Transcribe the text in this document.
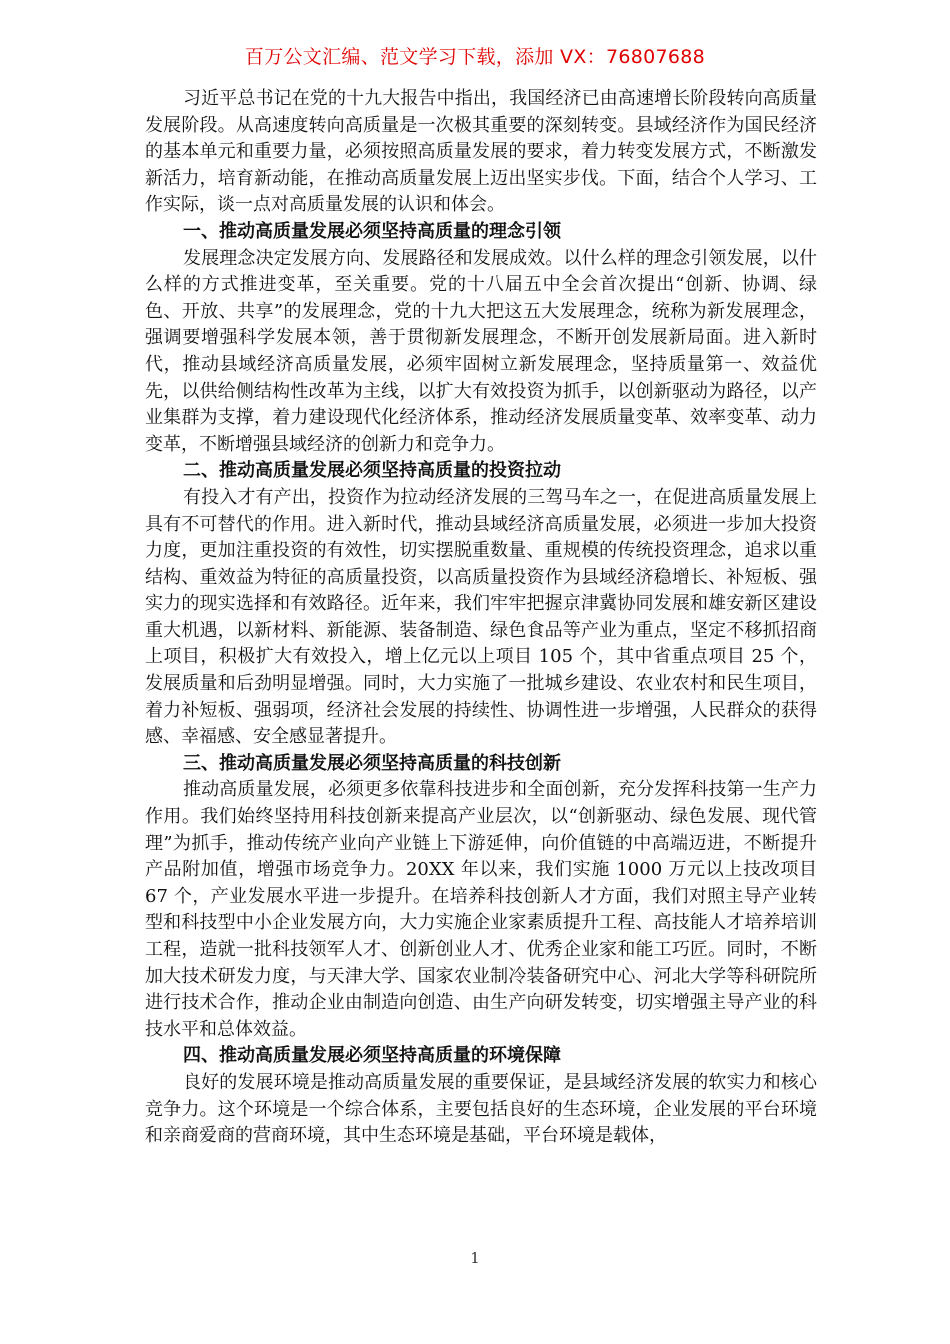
百万公文汇编、范文学习下载，添加 VX：76807688

习近平总书记在党的十九大报告中指出，我国经济已由高速增长阶段转向高质量发展阶段。从高速度转向高质量是一次极其重要的深刻转变。县域经济作为国民经济的基本单元和重要力量，必须按照高质量发展的要求，着力转变发展方式，不断激发新活力，培育新动能，在推动高质量发展上迈出坚实步伐。下面，结合个人学习、工作实际，谈一点对高质量发展的认识和体会。

一、推动高质量发展必须坚持高质量的理念引领

发展理念决定发展方向、发展路径和发展成效。以什么样的理念引领发展，以什么样的方式推进变革，至关重要。党的十八届五中全会首次提出“创新、协调、绿色、开放、共享”的发展理念，党的十九大把这五大发展理念，统称为新发展理念，强调要增强科学发展本领，善于贯彻新发展理念，不断开创发展新局面。进入新时代，推动县域经济高质量发展，必须牢固树立新发展理念，坚持质量第一、效益优先，以供给侧结构性改革为主线，以扩大有效投资为抓手，以创新驱动为路径，以产业集群为支撑，着力建设现代化经济体系，推动经济发展质量变革、效率变革、动力变革，不断增强县域经济的创新力和竞争力。

二、推动高质量发展必须坚持高质量的投资拉动

有投入才有产出，投资作为拉动经济发展的三驾马车之一，在促进高质量发展上具有不可替代的作用。进入新时代，推动县域经济高质量发展，必须进一步加大投资力度，更加注重投资的有效性，切实摆脱重数量、重规模的传统投资理念，追求以重结构、重效益为特征的高质量投资，以高质量投资作为县域经济稳增长、补短板、强实力的现实选择和有效路径。近年来，我们牢牢把握京津冀协同发展和雄安新区建设重大机遇，以新材料、新能源、装备制造、绿色食品等产业为重点，坚定不移抓招商上项目，积极扩大有效投入，增上亿元以上项目 105 个，其中省重点项目 25 个，发展质量和后劲明显增强。同时，大力实施了一批城乡建设、农业农村和民生项目，着力补短板、强弱项，经济社会发展的持续性、协调性进一步增强，人民群众的获得感、幸福感、安全感显著提升。

三、推动高质量发展必须坚持高质量的科技创新

推动高质量发展，必须更多依靠科技进步和全面创新，充分发挥科技第一生产力作用。我们始终坚持用科技创新来提高产业层次，以“创新驱动、绿色发展、现代管理”为抓手，推动传统产业向产业链上下游延伸，向价值链的中高端迈进，不断提升产品附加值，增强市场竞争力。20XX 年以来，我们实施 1000 万元以上技改项目 67 个，产业发展水平进一步提升。在培养科技创新人才方面，我们对照主导产业转型和科技型中小企业发展方向，大力实施企业家素质提升工程、高技能人才培养培训工程，造就一批科技领军人才、创新创业人才、优秀企业家和能工巧匠。同时，不断加大技术研发力度，与天津大学、国家农业制冷装备研究中心、河北大学等科研院所进行技术合作，推动企业由制造向创造、由生产向研发转变，切实增强主导产业的科技水平和总体效益。

四、推动高质量发展必须坚持高质量的环境保障

良好的发展环境是推动高质量发展的重要保证，是县域经济发展的软实力和核心竞争力。这个环境是一个综合体系，主要包括良好的生态环境，企业发展的平台环境和亲商爱商的营商环境，其中生态环境是基础，平台环境是载体，

1
